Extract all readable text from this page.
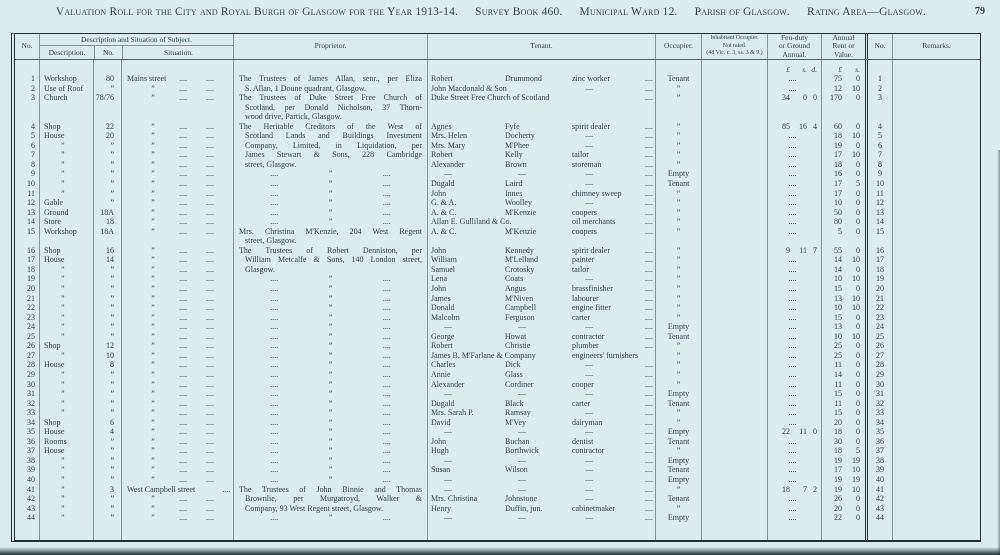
Valuation Roll for the City and Royal Burgh of Glasgow for the Year 1913-14. Survey Book 460. Municipal Ward 12. Parish of Glasgow. Rating Area—Glasgow.	79
No.
Description and Situation of Subject.
Description.	No.	Situation.
Proprietor.	Tenant.	Occupier.
Inhabitant Occupier.
Not rated.
(48 Vic. c. 3, ss. 3 & 9.)
Feu-duty
or Ground
Annual.
Annual
Rent or
Value.
No.	Remarks.
£	s. d.	£	s.
1	Workshop	80	Mains street	....	....	The Trustees of James Allan, senr., per Eliza	Robert	Drummond	zinc worker	....	Tenant	....	75	0	1
2	Use of Roof	”	”	....	....	S. Allan, 1 Doune quadrant, Glasgow.	John Macdonald & Son	—	....	”	....	12	10	2
3	Church	78/76	”	....	....	The Trustees of Duke Street Free Church of	Duke Street Free Church of Scotland	....	”	34	0 0	170	0	3
Scotland, per Donald Nicholson, 37 Thorn-
wood drive, Partick, Glasgow.
4	Shop	22	”	....	....	The Heritable Creditors of the West of	Agnes	Fyfe	spirit dealer	....	”	85	16 4	60	0	4
5	House	20	”	....	....	Scotland Lands and Buildings Investment	Mrs. Helen	Docherty	—	....	”	....	18	10	5
6	”	”	”	....	....	Company, Limited, in Liquidation, per	Mrs. Mary	M'Phee	—	....	”	....	19	0	6
7	”	”	”	....	....	James Stewart & Sons, 228 Cambridge	Robert	Kelly	tailor	....	”	....	17	10	7
8	”	”	”	....	....	street, Glasgow.	Alexander	Brown	storeman	....	”	....	18	0	8
9	”	”	”	....	....	....	”	....	—	—	—	....	Empty	....	16	0	9
10	”	”	”	....	....	....	”	....	Dugald	Laird	—	....	Tenant	....	17	5	10
11	”	”	”	....	....	....	”	....	John	Innes	chimney sweep	....	”	....	17	0	11
12	Gable	”	”	....	....	....	”	....	G. & A.	Woolley	—	....	”	....	10	0	12
13	Ground	18A	”	....	....	....	”	....	A. & C.	M'Kenzie	coopers	....	”	....	50	0	13
14	Store	18	”	....	....	....	”	....	Allan E. Gulliland & Co.	oil merchants	....	”	....	80	0	14
15	Workshop	18A	”	....	....	Mrs. Christina M'Kenzie, 204 West Regent	A. & C.	M'Kenzie	coopers	....	”	....	5	0	15
street, Glasgow.
16	Shop	16	”	....	....	The Trustees of Robert Denniston, per	John	Kennedy	spirit dealer	....	”	9	11 7	55	0	16
17	House	14	”	....	....	William Metcalfe & Sons, 140 London street,	William	M'Lelland	painter	....	”	....	14	10	17
18	”	”	”	....	....	Glasgow.	Samuel	Crotosky	tailor	....	”	....	14	0	18
19	”	”	”	....	....	....	”	....	Lena	Coats	—	....	”	....	10	10	19
20	”	”	”	....	....	....	”	....	John	Angus	brassfinisher	....	”	....	15	0	20
21	”	”	”	....	....	....	”	....	James	M'Niven	labourer	....	”	....	13	10	21
22	”	”	”	....	....	....	”	....	Donald	Campbell	engine fitter	....	”	....	10	10	22
23	”	”	”	....	....	....	”	....	Malcolm	Ferguson	carter	....	”	....	15	0	23
24	”	”	”	....	....	....	”	....	—	—	—	....	Empty	....	13	0	24
25	”	”	”	....	....	....	”	....	George	Howat	contractor	....	Tenant	....	10	10	25
26	Shop	12	”	....	....	....	”	....	Robert	Christie	plumber	....	”	....	25	0	26
27	”	10	”	....	....	....	”	....	James B. M'Farlane & Company	engineers' furnishers	”	....	25	0	27
28	House	8	”	....	....	....	”	....	Charles	Dick	—	....	”	....	11	0	28
29	”	”	”	....	....	....	”	....	Annie	Glass	—	....	”	....	14	0	29
30	”	”	”	....	....	....	”	....	Alexander	Cordiner	cooper	....	”	....	11	0	30
31	”	”	”	....	....	....	”	....	—	—	—	....	Empty	....	15	0	31
32	”	”	”	....	....	....	”	....	Dugald	Black	carter	....	Tenant	....	11	0	32
33	”	”	”	....	....	....	”	....	Mrs. Sarah P.	Ramsay	—	....	”	....	15	0	33
34	Shop	6	”	....	....	....	”	....	David	M'Vey	dairyman	....	”	....	20	0	34
35	House	4	”	....	....	....	”	....	—	—	—	....	Empty	22	11 0	18	0	35
36	Rooms	”	”	....	....	....	”	....	John	Buchan	dentist	....	Tenant	....	30	0	36
37	House	”	”	....	....	....	”	....	Hugh	Borthwick	contractor	....	”	....	18	5	37
38	”	”	”	....	....	....	”	....	—	—	—	....	Empty	....	19	19	38
39	”	”	”	....	....	....	”	....	Susan	Wilson	—	....	Tenant	....	17	10	39
40	”	”	”	....	....	....	”	....	—	—	—	....	Empty	....	19	19	40
41	”	3	West Campbell street	....	The Trustees of John Binnie and Thomas	—	—	—	....	”	18	7 2	19	10	41
42	”	”	”	....	....	Brownlie, per Murgatroyd, Walker &	Mrs. Christina	Johnstone	—	....	Tenant	....	26	0	42
43	”	”	”	....	....	Company, 93 West Regent street, Glasgow.	Henry	Duffin, jun.	cabinetmaker	....	”	....	20	0	43
44	”	”	”	....	....	....	”	....	—	—	—	....	Empty	....	22	0	44
